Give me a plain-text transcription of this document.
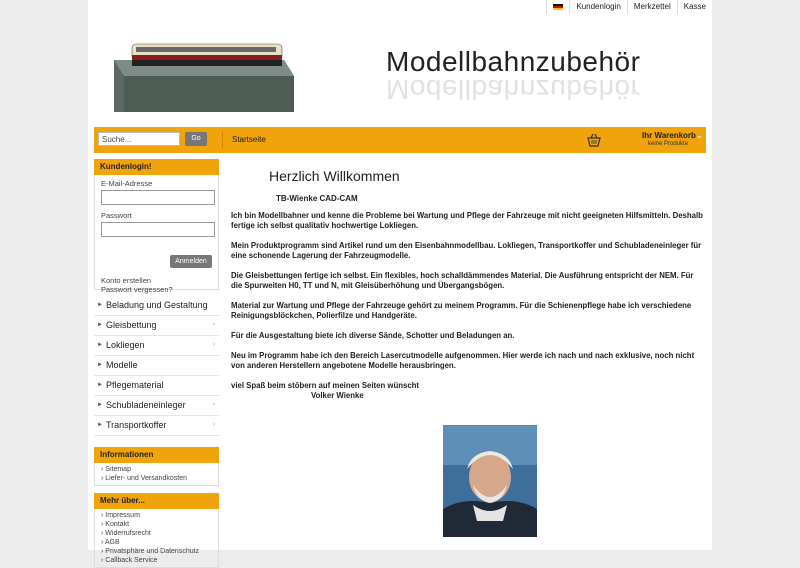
Kundenlogin	Merkzettel	Kasse
Modellbahnzubehör
Modellbahnzubehör
Suche...	Go	Startseite	Ihr Warenkorb
keine Produkte
⌄
Kundenlogin!
E-Mail-Adresse
Passwort
Anmelden
Konto erstellen
Passwort vergessen?
► Beladung und Gestaltung
► Gleisbettung	›
► Lokliegen	›
► Modelle
► Pflegematerial
► Schubladeneinleger	›
► Transportkoffer	›
Informationen
› Sitemap
› Liefer- und Versandkosten
Mehr über...
› Impressum
› Kontakt
› Widerrufsrecht
› AGB
› Privatsphäre und Datenschutz
› Callback Service
Herzlich Willkommen
TB-Wienke CAD-CAM
Ich bin Modellbahner und kenne die Probleme bei Wartung und Pflege der Fahrzeuge mit nicht geeigneten Hilfsmitteln. Deshalb fertige ich selbst qualitativ hochwertige Lokliegen.
Mein Produktprogramm sind Artikel rund um den Eisenbahnmodellbau. Lokliegen, Transportkoffer und Schubladeneinleger für eine schonende Lagerung der Fahrzeugmodelle.
Die Gleisbettungen fertige ich selbst. Ein flexibles, hoch schalldämmendes Material. Die Ausführung entspricht der NEM. Für die Spurweiten H0, TT und N, mit Gleisüberhöhung und Übergangsbögen.
Material zur Wartung und Pflege der Fahrzeuge gehört zu meinem Programm. Für die Schienenpflege habe ich verschiedene Reinigungsblöckchen, Polierfilze und Handgeräte.
Für die Ausgestaltung biete ich diverse Sände, Schotter und Beladungen an.
Neu im Programm habe ich den Bereich Lasercutmodelle aufgenommen. Hier werde ich nach und nach exklusive, noch nicht von anderen Herstellern angebotene Modelle herausbringen.
viel Spaß beim stöbern auf meinen Seiten wünscht
Volker Wienke
